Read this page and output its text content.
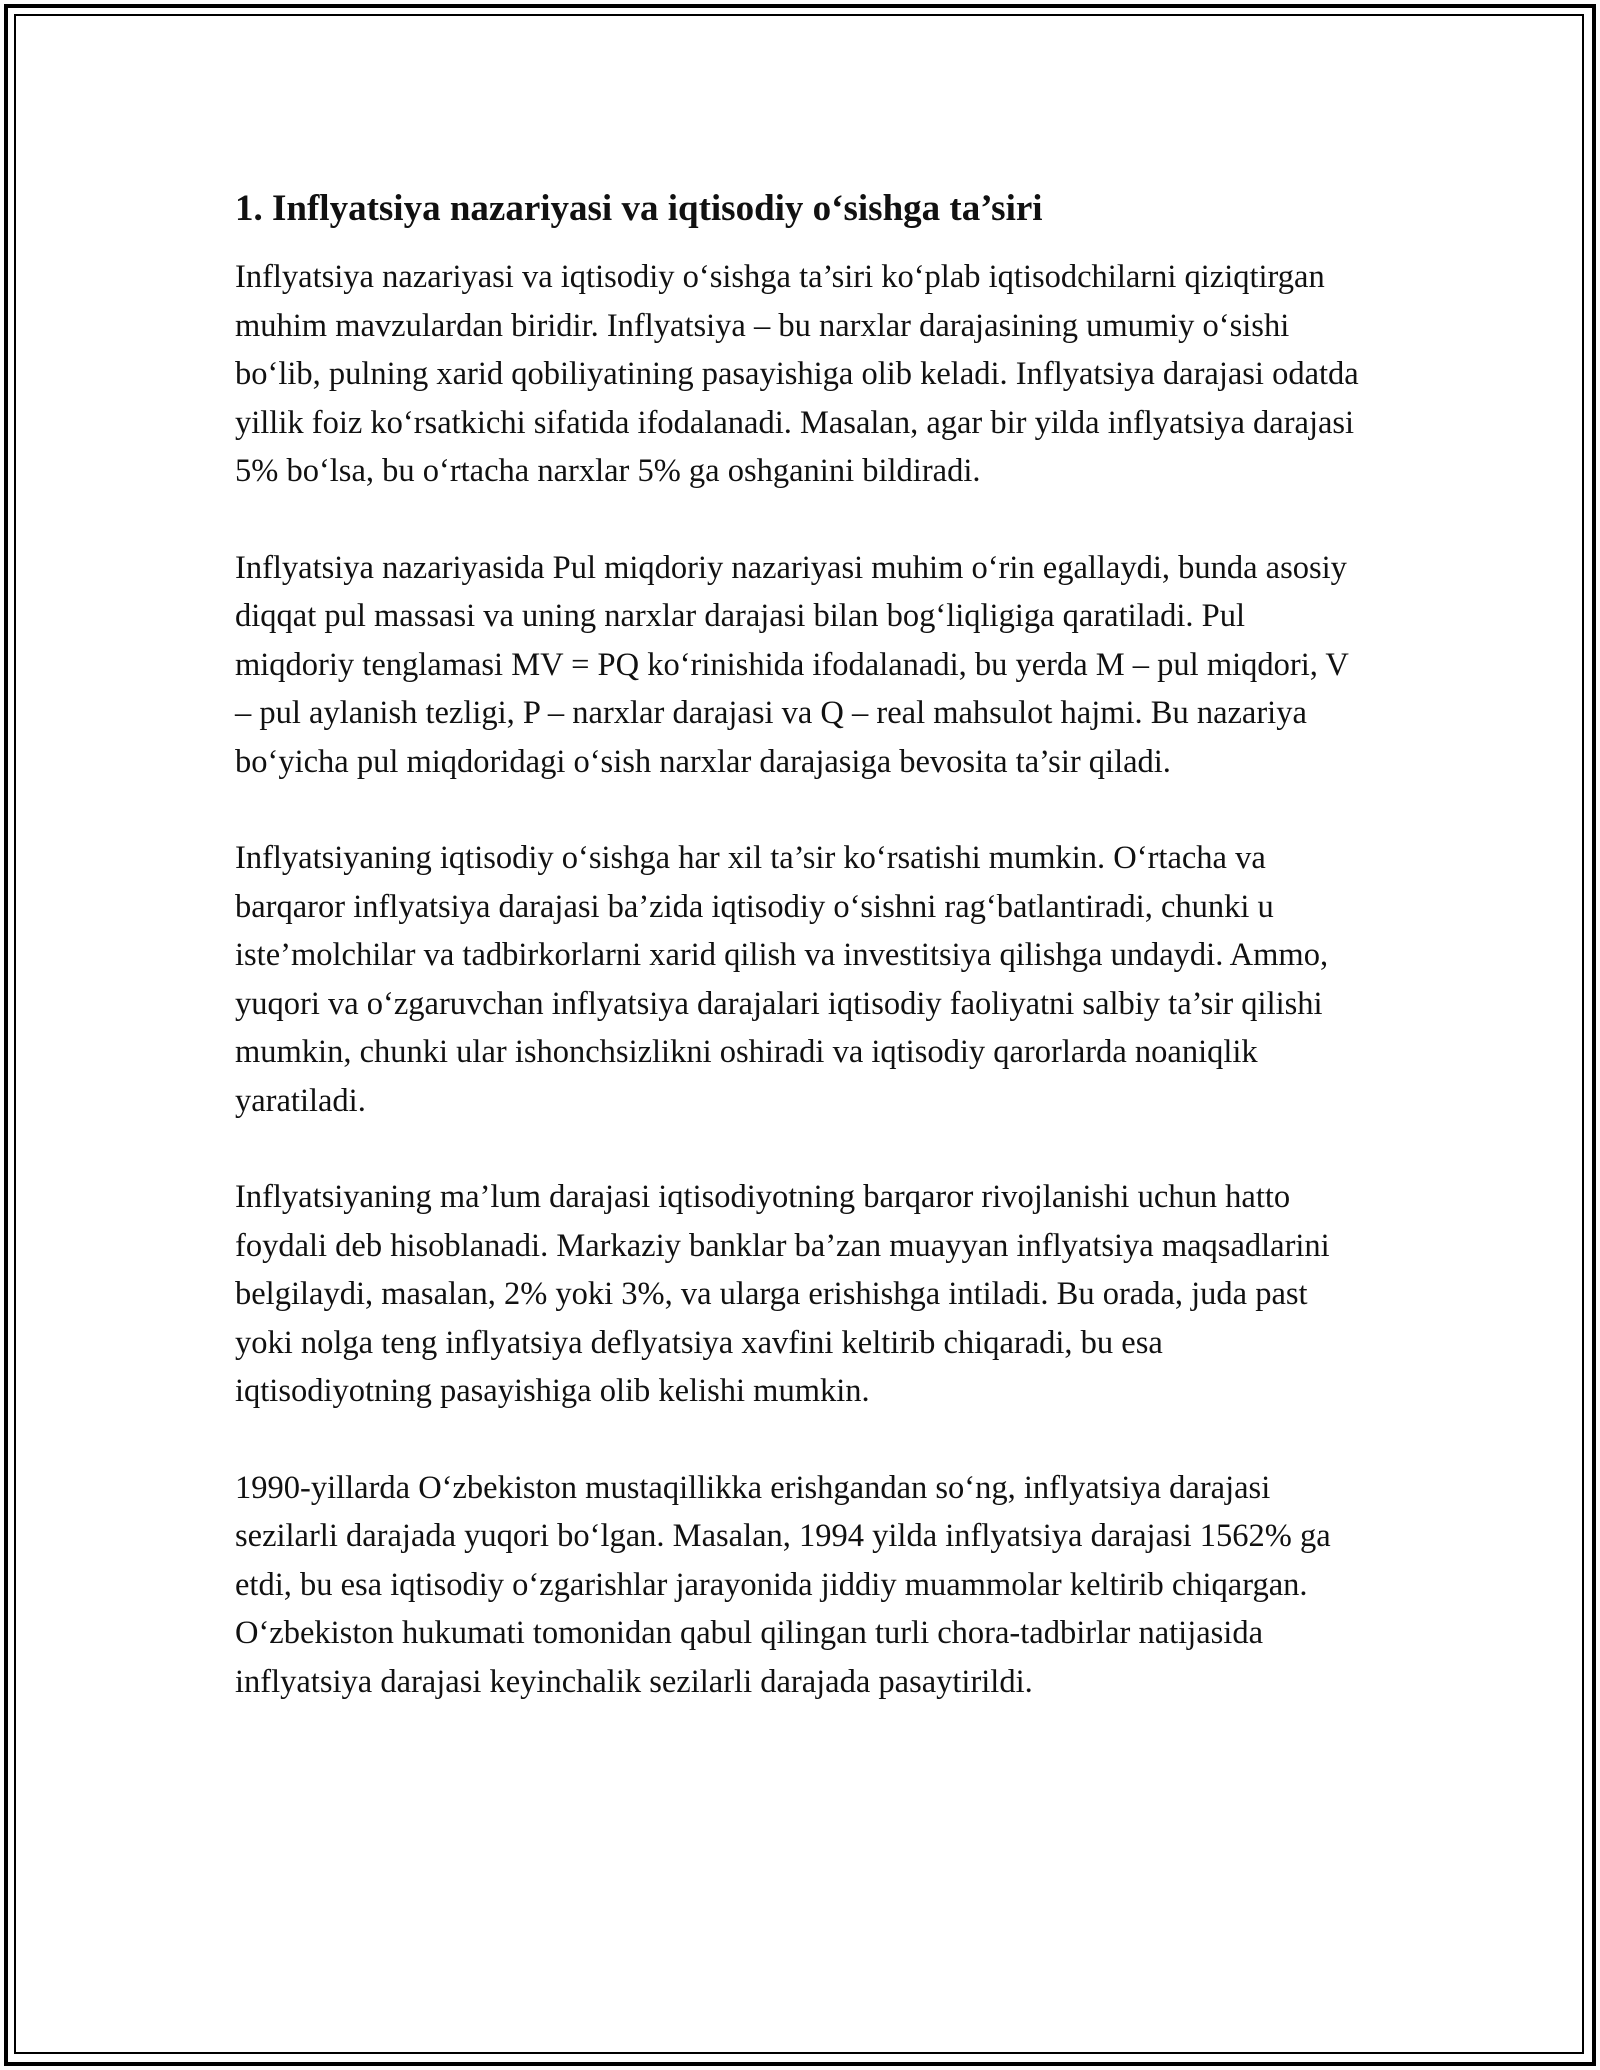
1. Inflyatsiya nazariyasi va iqtisodiy o‘sishga ta’siri

Inflyatsiya nazariyasi va iqtisodiy o‘sishga ta’siri ko‘plab iqtisodchilarni qiziqtirgan muhim mavzulardan biridir. Inflyatsiya – bu narxlar darajasining umumiy o‘sishi bo‘lib, pulning xarid qobiliyatining pasayishiga olib keladi. Inflyatsiya darajasi odatda yillik foiz ko‘rsatkichi sifatida ifodalanadi. Masalan, agar bir yilda inflyatsiya darajasi 5% bo‘lsa, bu o‘rtacha narxlar 5% ga oshganini bildiradi.

Inflyatsiya nazariyasida Pul miqdoriy nazariyasi muhim o‘rin egallaydi, bunda asosiy diqqat pul massasi va uning narxlar darajasi bilan bog‘liqligiga qaratiladi. Pul miqdoriy tenglamasi MV = PQ ko‘rinishida ifodalanadi, bu yerda M – pul miqdori, V – pul aylanish tezligi, P – narxlar darajasi va Q – real mahsulot hajmi. Bu nazariya bo‘yicha pul miqdoridagi o‘sish narxlar darajasiga bevosita ta’sir qiladi.

Inflyatsiyaning iqtisodiy o‘sishga har xil ta’sir ko‘rsatishi mumkin. O‘rtacha va barqaror inflyatsiya darajasi ba’zida iqtisodiy o‘sishni rag‘batlantiradi, chunki u iste’molchilar va tadbirkorlarni xarid qilish va investitsiya qilishga undaydi. Ammo, yuqori va o‘zgaruvchan inflyatsiya darajalari iqtisodiy faoliyatni salbiy ta’sir qilishi mumkin, chunki ular ishonchsizlikni oshiradi va iqtisodiy qarorlarda noaniqlik yaratiladi.

Inflyatsiyaning ma’lum darajasi iqtisodiyotning barqaror rivojlanishi uchun hatto foydali deb hisoblanadi. Markaziy banklar ba’zan muayyan inflyatsiya maqsadlarini belgilaydi, masalan, 2% yoki 3%, va ularga erishishga intiladi. Bu orada, juda past yoki nolga teng inflyatsiya deflyatsiya xavfini keltirib chiqaradi, bu esa iqtisodiyotning pasayishiga olib kelishi mumkin.

1990-yillarda O‘zbekiston mustaqillikka erishgandan so‘ng, inflyatsiya darajasi sezilarli darajada yuqori bo‘lgan. Masalan, 1994 yilda inflyatsiya darajasi 1562% ga etdi, bu esa iqtisodiy o‘zgarishlar jarayonida jiddiy muammolar keltirib chiqargan. O‘zbekiston hukumati tomonidan qabul qilingan turli chora-tadbirlar natijasida inflyatsiya darajasi keyinchalik sezilarli darajada pasaytirildi.
